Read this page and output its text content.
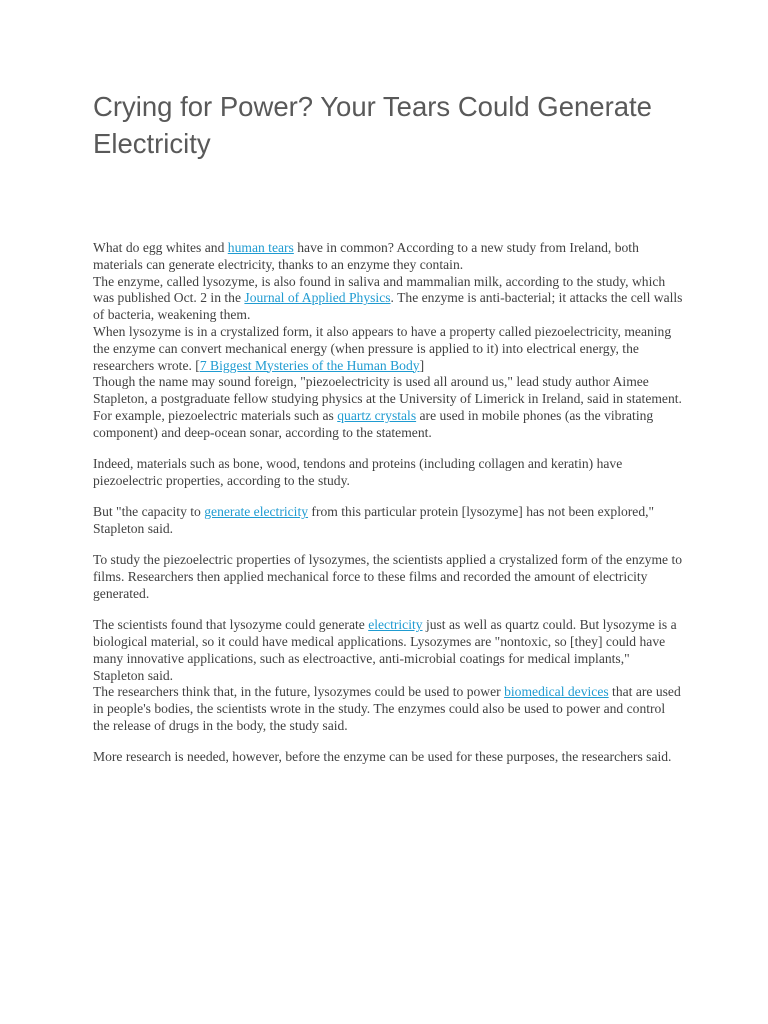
Crying for Power? Your Tears Could Generate Electricity

What do egg whites and human tears have in common? According to a new study from Ireland, both materials can generate electricity, thanks to an enzyme they contain.

The enzyme, called lysozyme, is also found in saliva and mammalian milk, according to the study, which was published Oct. 2 in the Journal of Applied Physics. The enzyme is anti-bacterial; it attacks the cell walls of bacteria, weakening them.

When lysozyme is in a crystalized form, it also appears to have a property called piezoelectricity, meaning the enzyme can convert mechanical energy (when pressure is applied to it) into electrical energy, the researchers wrote. [7 Biggest Mysteries of the Human Body]

Though the name may sound foreign, "piezoelectricity is used all around us," lead study author Aimee Stapleton, a postgraduate fellow studying physics at the University of Limerick in Ireland, said in statement. For example, piezoelectric materials such as quartz crystals are used in mobile phones (as the vibrating component) and deep-ocean sonar, according to the statement.

Indeed, materials such as bone, wood, tendons and proteins (including collagen and keratin) have piezoelectric properties, according to the study.

But "the capacity to generate electricity from this particular protein [lysozyme] has not been explored," Stapleton said.

To study the piezoelectric properties of lysozymes, the scientists applied a crystalized form of the enzyme to films. Researchers then applied mechanical force to these films and recorded the amount of electricity generated.

The scientists found that lysozyme could generate electricity just as well as quartz could. But lysozyme is a biological material, so it could have medical applications. Lysozymes are "nontoxic, so [they] could have many innovative applications, such as electroactive, anti-microbial coatings for medical implants," Stapleton said.

The researchers think that, in the future, lysozymes could be used to power biomedical devices that are used in people's bodies, the scientists wrote in the study. The enzymes could also be used to power and control the release of drugs in the body, the study said.

More research is needed, however, before the enzyme can be used for these purposes, the researchers said.
